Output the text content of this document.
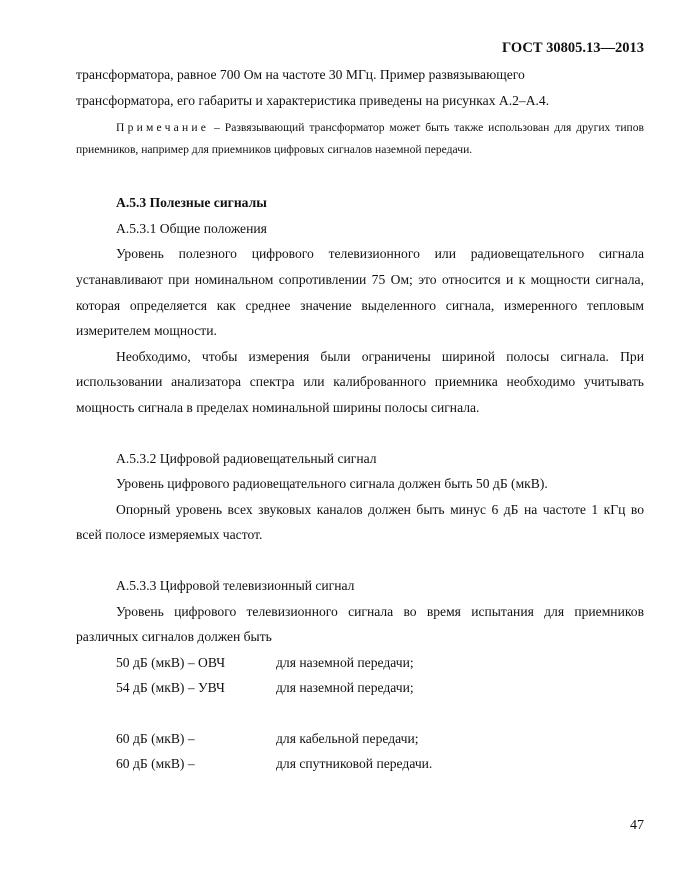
ГОСТ 30805.13—2013

трансформатора, равное 700 Ом на частоте 30 МГц. Пример развязывающего

трансформатора, его габариты и характеристика приведены на рисунках А.2–А.4.

Примечание – Развязывающий трансформатор может быть также использован для других типов приемников, например для приемников цифровых сигналов наземной передачи.

А.5.3 Полезные сигналы

А.5.3.1 Общие положения

Уровень полезного цифрового телевизионного или радиовещательного сигнала устанавливают при номинальном сопротивлении 75 Ом; это относится и к мощности сигнала, которая определяется как среднее значение выделенного сигнала, измеренного тепловым измерителем мощности.

Необходимо, чтобы измерения были ограничены шириной полосы сигнала. При использовании анализатора спектра или калиброванного приемника необходимо учитывать мощность сигнала в пределах номинальной ширины полосы сигнала.

А.5.3.2 Цифровой радиовещательный сигнал

Уровень цифрового радиовещательного сигнала должен быть 50 дБ (мкВ).

Опорный уровень всех звуковых каналов должен быть минус 6 дБ на частоте 1 кГц во всей полосе измеряемых частот.

А.5.3.3 Цифровой телевизионный сигнал

Уровень цифрового телевизионного сигнала во время испытания для приемников различных сигналов должен быть

50 дБ (мкВ) – ОВЧ	для наземной передачи;
54 дБ (мкВ) – УВЧ	для наземной передачи;
60 дБ (мкВ) –	для кабельной передачи;
60 дБ (мкВ) –	для спутниковой передачи.
47
